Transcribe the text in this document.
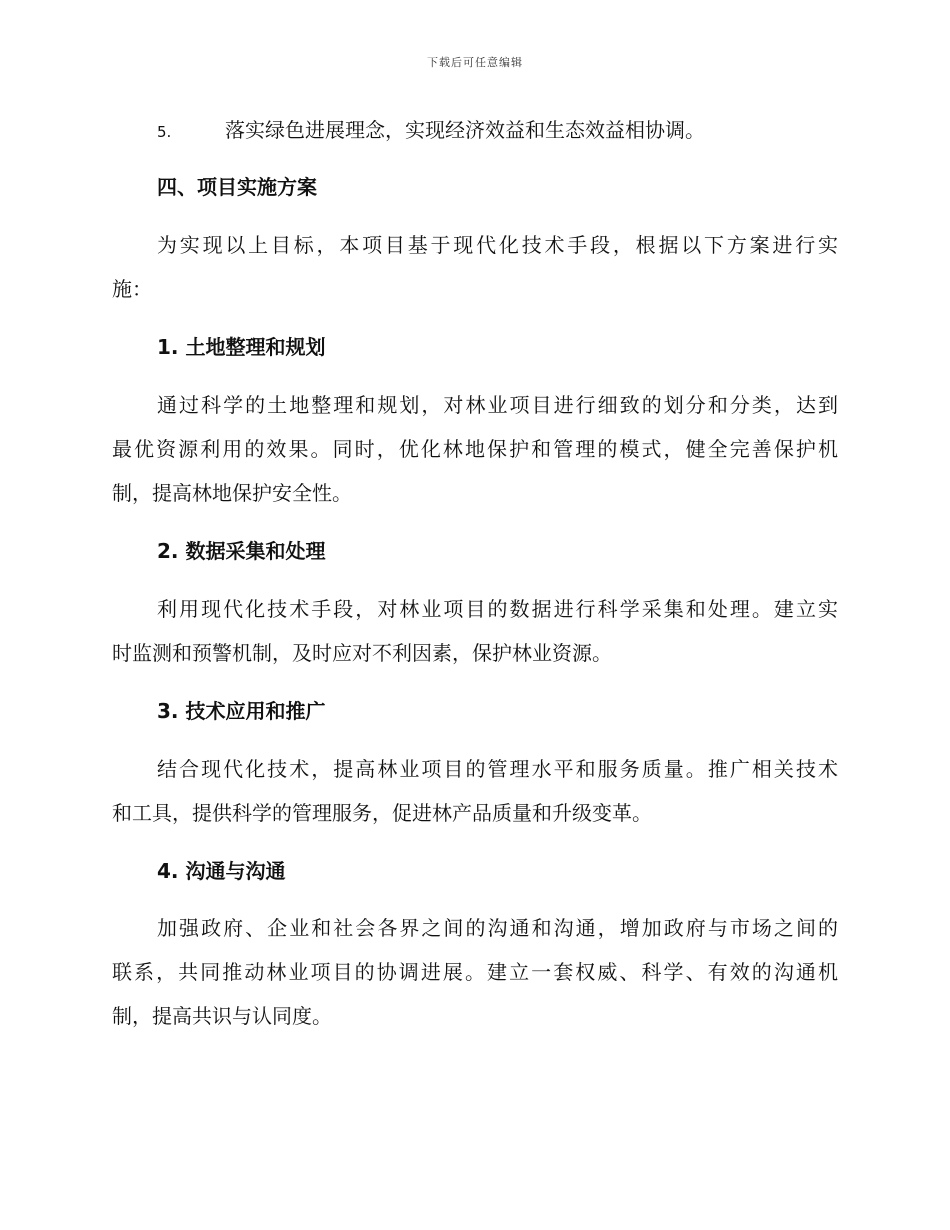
下载后可任意编辑
5.	落实绿色进展理念，实现经济效益和生态效益相协调。
四、项目实施方案
为实现以上目标，本项目基于现代化技术手段，根据以下方案进行实
施：
1. 土地整理和规划
通过科学的土地整理和规划，对林业项目进行细致的划分和分类，达到
最优资源利用的效果。同时，优化林地保护和管理的模式，健全完善保护机
制，提高林地保护安全性。
2. 数据采集和处理
利用现代化技术手段，对林业项目的数据进行科学采集和处理。建立实
时监测和预警机制，及时应对不利因素，保护林业资源。
3. 技术应用和推广
结合现代化技术，提高林业项目的管理水平和服务质量。推广相关技术
和工具，提供科学的管理服务，促进林产品质量和升级变革。
4. 沟通与沟通
加强政府、企业和社会各界之间的沟通和沟通，增加政府与市场之间的
联系，共同推动林业项目的协调进展。建立一套权威、科学、有效的沟通机
制，提高共识与认同度。
